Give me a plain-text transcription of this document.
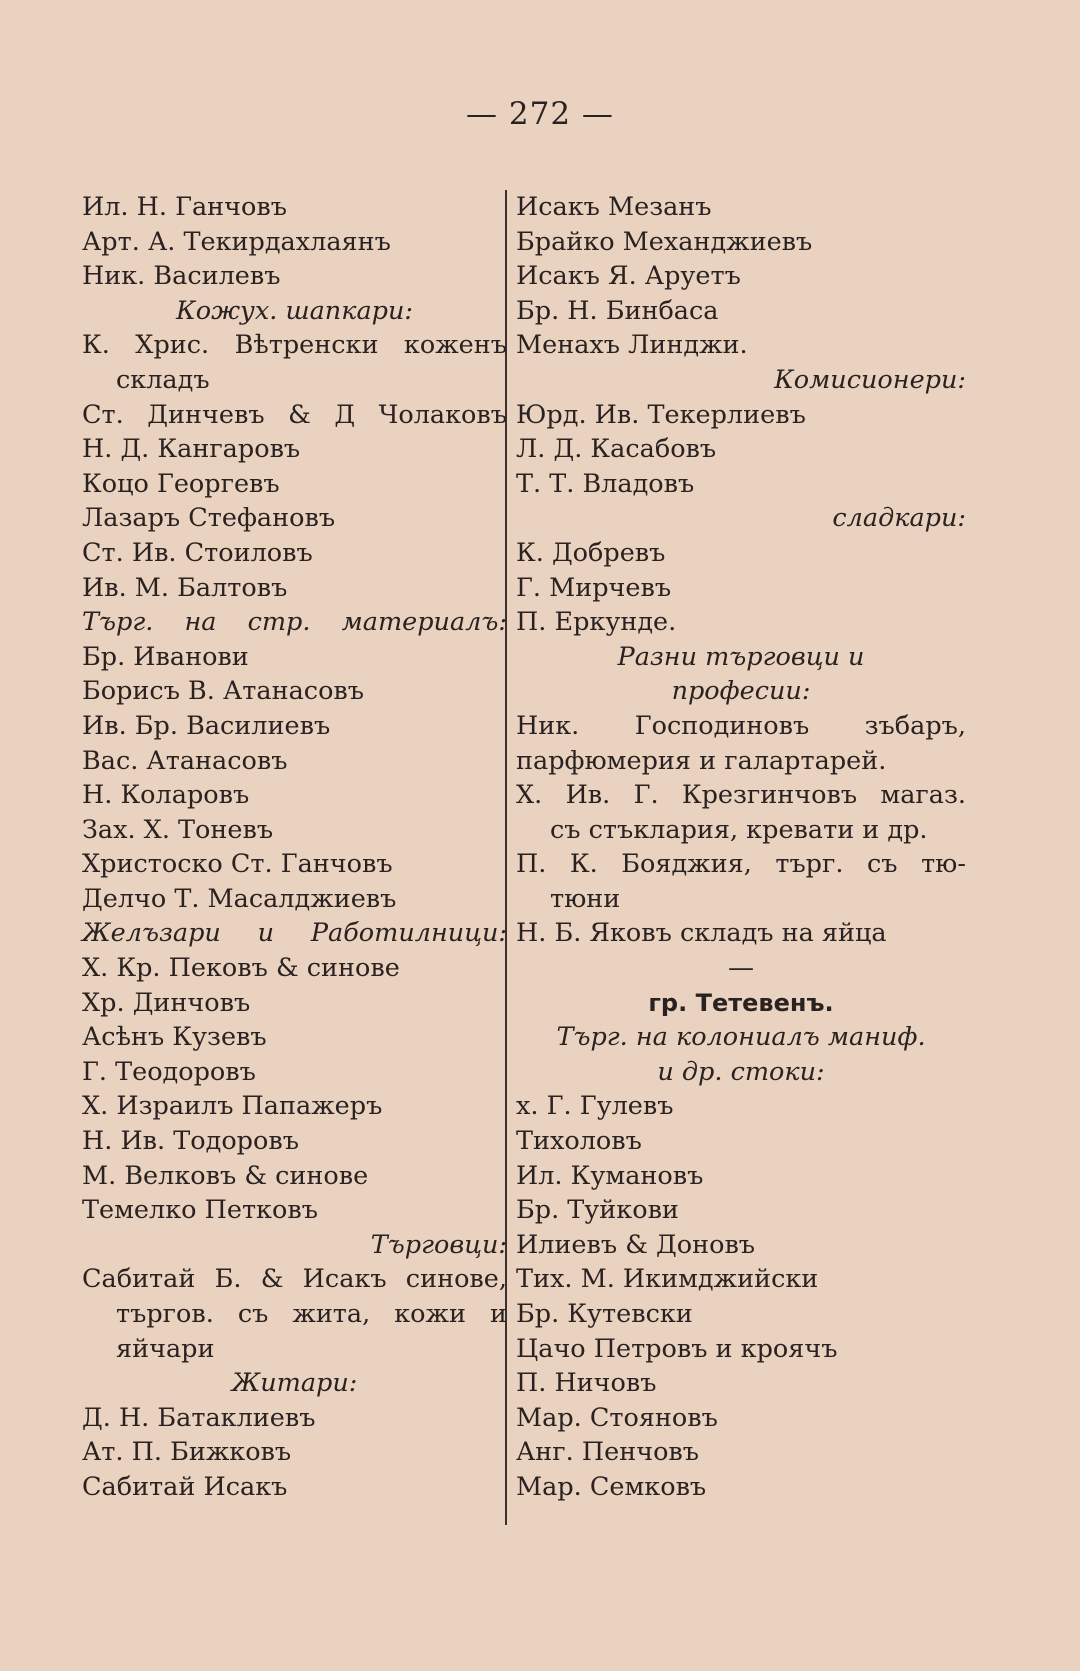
— 272 —
Ил. Н. Ганчовъ
Арт. А. Текирдахлаянъ
Ник. Василевъ
Кожух. шапкари:
К. Хрис. Вѣтренски коженъ
складъ
Ст. Динчевъ & Д Чолаковъ
Н. Д. Кангаровъ
Коцо Георгевъ
Лазаръ Стефановъ
Ст. Ив. Стоиловъ
Ив. М. Балтовъ
Търг. на стр. материалъ:
Бр. Иванови
Борисъ В. Атанасовъ
Ив. Бр. Василиевъ
Вас. Атанасовъ
Н. Коларовъ
Зах. Х. Тоневъ
Христоско Ст. Ганчовъ
Делчо Т. Масалджиевъ
Желъзари и Работилници:
Х. Кр. Пековъ & синове
Хр. Динчовъ
Асѣнъ Кузевъ
Г. Теодоровъ
Х. Израилъ Папажеръ
Н. Ив. Тодоровъ
М. Велковъ & синове
Темелко Петковъ
Търговци:
Сабитай Б. & Исакъ синове,
търгов. съ жита, кожи и
яйчари
Житари:
Д. Н. Батаклиевъ
Ат. П. Бижковъ
Сабитай Исакъ
Исакъ Мезанъ
Брайко Механджиевъ
Исакъ Я. Аруетъ
Бр. Н. Бинбаса
Менахъ Линджи.
Комисионери:
Юрд. Ив. Текерлиевъ
Л. Д. Касабовъ
Т. Т. Владовъ
сладкари:
К. Добревъ
Г. Мирчевъ
П. Еркунде.
Разни търговци и
професии:
Ник. Господиновъ зъбаръ,
парфюмерия и галартарей.
Х. Ив. Г. Крезгинчовъ магаз.
съ стъклария, кревати и др.
П. К. Бояджия, търг. съ тю-
тюни
Н. Б. Яковъ складъ на яйца
—
гр. Тетевенъ.
Търг. на колониалъ маниф.
и др. стоки:
х. Г. Гулевъ
Тихоловъ
Ил. Кумановъ
Бр. Туйкови
Илиевъ & Доновъ
Тих. М. Икимджийски
Бр. Кутевски
Цачо Петровъ и кроячъ
П. Ничовъ
Мар. Стояновъ
Анг. Пенчовъ
Мар. Семковъ
